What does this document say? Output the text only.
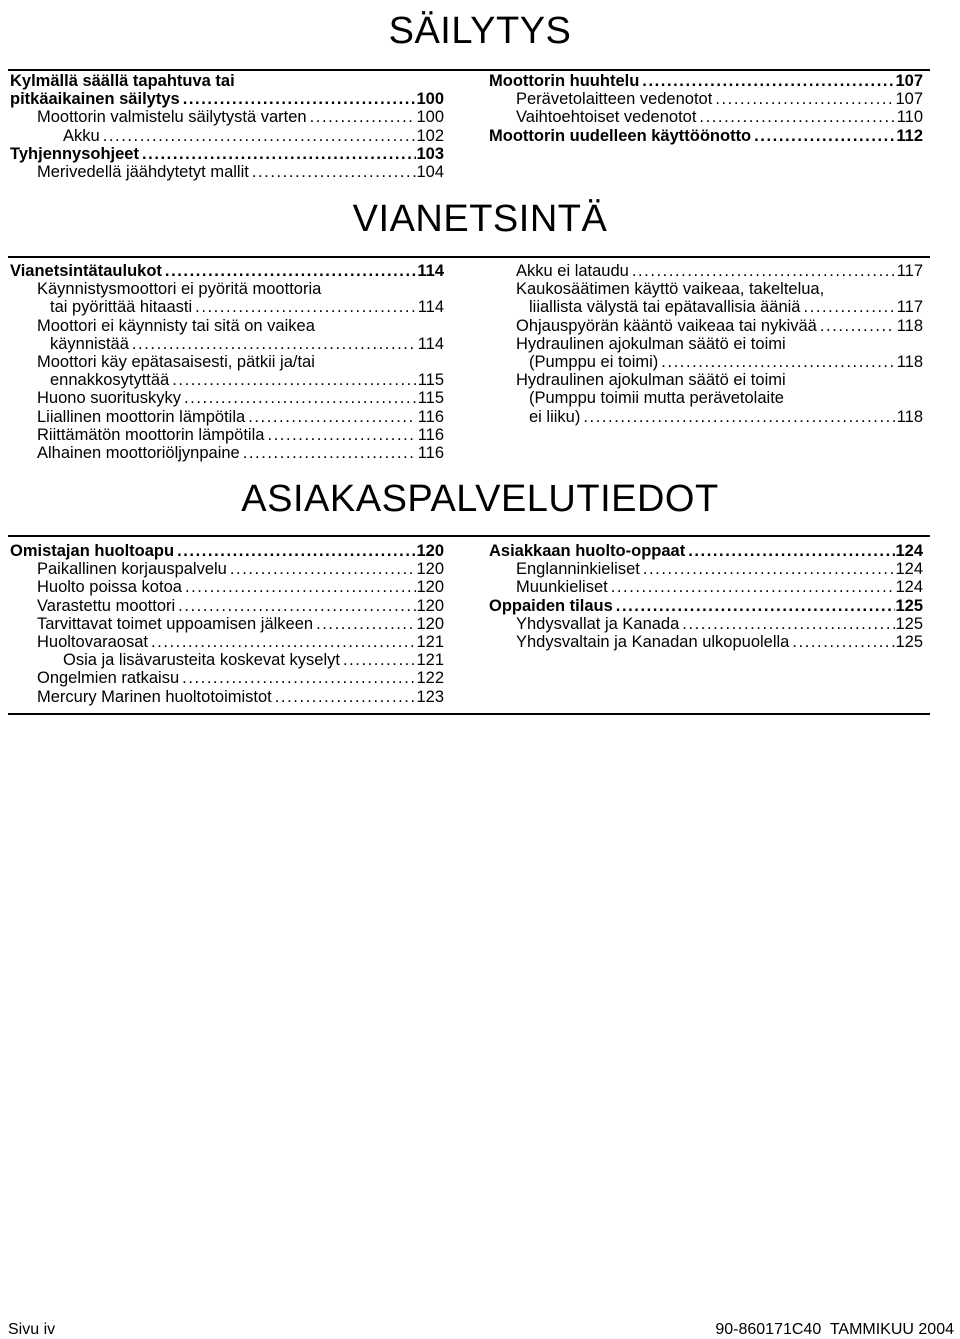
SÄILYTYS
Kylmällä säällä tapahtuva tai
pitkäaikainen säilytys . . .	100
Moottorin valmistelu säilytystä varten . . .	100
Akku . . .	102
Tyhjennysohjeet . . .	103
Merivedellä jäähdytetyt mallit . . .	104
Moottorin huuhtelu . . .	107
Perävetolaitteen vedenotot . . .	107
Vaihtoehtoiset vedenotot . . .	110
Moottorin uudelleen käyttöönotto . . .	112
VIANETSINTÄ
Vianetsintätaulukot . . .	114
Käynnistysmoottori ei pyöritä moottoria
tai pyörittää hitaasti . . .	114
Moottori ei käynnisty tai sitä on vaikea
käynnistää . . .	114
Moottori käy epätasaisesti, pätkii ja/tai
ennakkosytyttää . . .	115
Huono suorituskyky . . .	115
Liiallinen moottorin lämpötila . . .	116
Riittämätön moottorin lämpötila . . .	116
Alhainen moottoriöljynpaine . . .	116
Akku ei lataudu . . .	117
Kaukosäätimen käyttö vaikeaa, takeltelua,
liiallista välystä tai epätavallisia ääniä . . .	117
Ohjauspyörän kääntö vaikeaa tai nykivää . . .	118
Hydraulinen ajokulman säätö ei toimi
(Pumppu ei toimi) . . .	118
Hydraulinen ajokulman säätö ei toimi
(Pumppu toimii mutta perävetolaite
ei liiku) . . .	118
ASIAKASPALVELUTIEDOT
Omistajan huoltoapu . . .	120
Paikallinen korjauspalvelu . . .	120
Huolto poissa kotoa . . .	120
Varastettu moottori . . .	120
Tarvittavat toimet uppoamisen jälkeen . . .	120
Huoltovaraosat . . .	121
Osia ja lisävarusteita koskevat kyselyt . . .	121
Ongelmien ratkaisu . . .	122
Mercury Marinen huoltotoimistot . . .	123
Asiakkaan huolto-oppaat . . .	124
Englanninkieliset . . .	124
Muunkieliset . . .	124
Oppaiden tilaus . . .	125
Yhdysvallat ja Kanada . . .	125
Yhdysvaltain ja Kanadan ulkopuolella . . .	125
Sivu iv	90-860171C40  TAMMIKUU 2004
